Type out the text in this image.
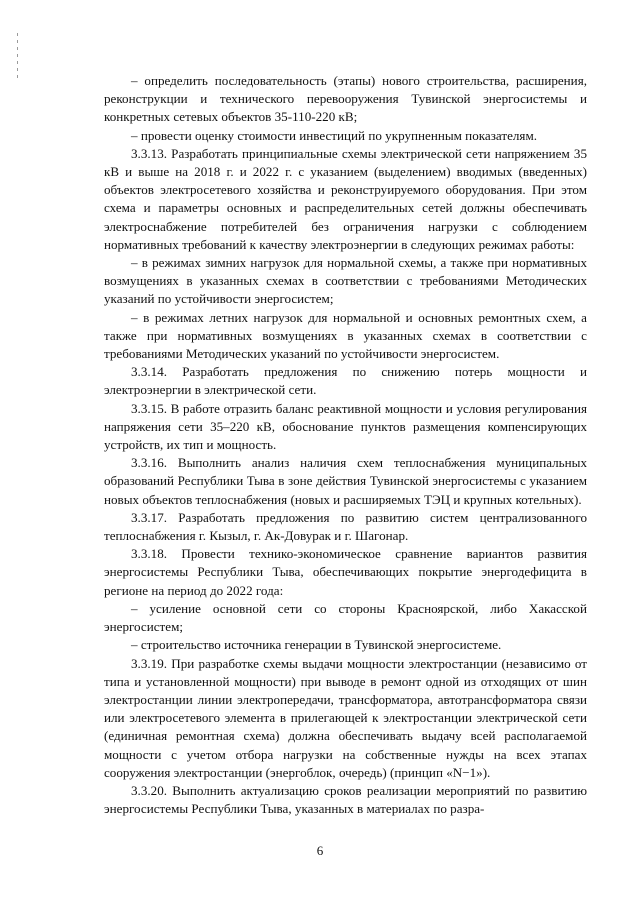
– определить последовательность (этапы) нового строительства, расширения, реконструкции и технического перевооружения Тувинской энергосистемы и конкретных сетевых объектов 35-110-220 кВ;

– провести оценку стоимости инвестиций по укрупненным показателям.

3.3.13. Разработать принципиальные схемы электрической сети напряжением 35 кВ и выше на 2018 г. и 2022 г. с указанием (выделением) вводимых (введенных) объектов электросетевого хозяйства и реконструируемого оборудования. При этом схема и параметры основных и распределительных сетей должны обеспечивать электроснабжение потребителей без ограничения нагрузки с соблюдением нормативных требований к качеству электроэнергии в следующих режимах работы:

– в режимах зимних нагрузок для нормальной схемы, а также при нормативных возмущениях в указанных схемах в соответствии с требованиями Методических указаний по устойчивости энергосистем;

– в режимах летних нагрузок для нормальной и основных ремонтных схем, а также при нормативных возмущениях в указанных схемах в соответствии с требованиями Методических указаний по устойчивости энергосистем.

3.3.14. Разработать предложения по снижению потерь мощности и электроэнергии в электрической сети.

3.3.15. В работе отразить баланс реактивной мощности и условия регулирования напряжения сети 35–220 кВ, обоснование пунктов размещения компенсирующих устройств, их тип и мощность.

3.3.16. Выполнить анализ наличия схем теплоснабжения муниципальных образований Республики Тыва в зоне действия Тувинской энергосистемы с указанием новых объектов теплоснабжения (новых и расширяемых ТЭЦ и крупных котельных).

3.3.17. Разработать предложения по развитию систем централизованного теплоснабжения г. Кызыл, г. Ак-Довурак и г. Шагонар.

3.3.18. Провести технико-экономическое сравнение вариантов развития энергосистемы Республики Тыва, обеспечивающих покрытие энергодефицита в регионе на период до 2022 года:

– усиление основной сети со стороны Красноярской, либо Хакасской энергосистем;

– строительство источника генерации в Тувинской энергосистеме.

3.3.19. При разработке схемы выдачи мощности электростанции (независимо от типа и установленной мощности) при выводе в ремонт одной из отходящих от шин электростанции линии электропередачи, трансформатора, автотрансформатора связи или электросетевого элемента в прилегающей к электростанции электрической сети (единичная ремонтная схема) должна обеспечивать выдачу всей располагаемой мощности с учетом отбора нагрузки на собственные нужды на всех этапах сооружения электростанции (энергоблок, очередь) (принцип «N−1»).

3.3.20. Выполнить актуализацию сроков реализации мероприятий по развитию энергосистемы Республики Тыва, указанных в материалах по разра-

6
